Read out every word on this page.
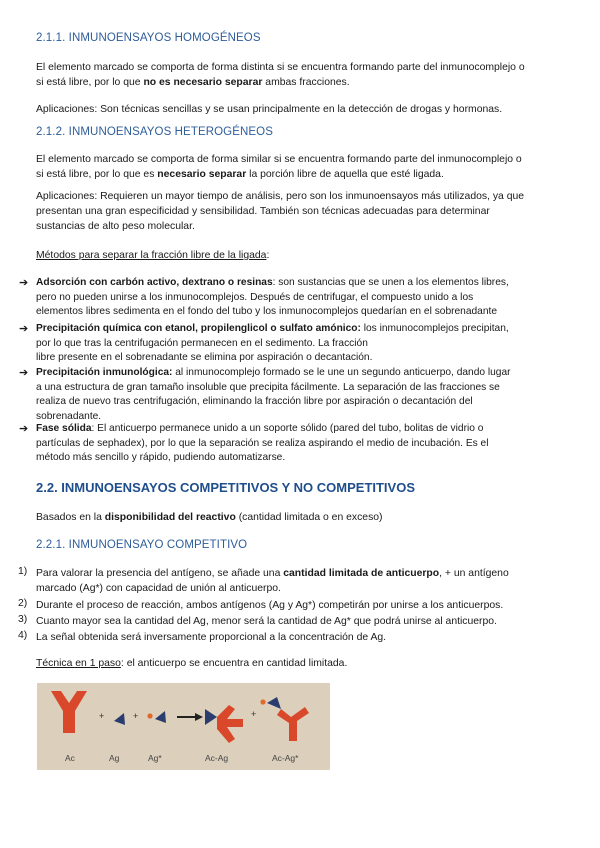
2.1.1. INMUNOENSAYOS HOMOGÉNEOS
El elemento marcado se comporta de forma distinta si se encuentra formando parte del inmunocomplejo o
si está libre, por lo que no es necesario separar ambas fracciones.
Aplicaciones: Son técnicas sencillas y se usan principalmente en la detección de drogas y hormonas.
2.1.2. INMUNOENSAYOS HETEROGÉNEOS
El elemento marcado se comporta de forma similar si se encuentra formando parte del inmunocomplejo o
si está libre, por lo que es necesario separar la porción libre de aquella que esté ligada.
Aplicaciones: Requieren un mayor tiempo de análisis, pero son los inmunoensayos más utilizados, ya que
presentan una gran especificidad y sensibilidad. También son técnicas adecuadas para determinar
sustancias de alto peso molecular.
Métodos para separar la fracción libre de la ligada:
➔ Adsorción con carbón activo, dextrano o resinas: son sustancias que se unen a los elementos libres,
pero no pueden unirse a los inmunocomplejos. Después de centrifugar, el compuesto unido a los
elementos libres sedimenta en el fondo del tubo y los inmunocomplejos quedarían en el sobrenadante
➔ Precipitación química con etanol, propilenglicol o sulfato amónico: los inmunocomplejos precipitan,
por lo que tras la centrifugación permanecen en el sedimento. La fracción
libre presente en el sobrenadante se elimina por aspiración o decantación.
➔ Precipitación inmunológica: al inmunocomplejo formado se le une un segundo anticuerpo, dando lugar
a una estructura de gran tamaño insoluble que precipita fácilmente. La separación de las fracciones se
realiza de nuevo tras centrifugación, eliminando la fracción libre por aspiración o decantación del
sobrenadante.
➔ Fase sólida: El anticuerpo permanece unido a un soporte sólido (pared del tubo, bolitas de vidrio o
partículas de sephadex), por lo que la separación se realiza aspirando el medio de incubación. Es el
método más sencillo y rápido, pudiendo automatizarse.
2.2. INMUNOENSAYOS COMPETITIVOS Y NO COMPETITIVOS
Basados en la disponibilidad del reactivo (cantidad limitada o en exceso)
2.2.1. INMUNOENSAYO COMPETITIVO
1) Para valorar la presencia del antígeno, se añade una cantidad limitada de anticuerpo, + un antígeno
marcado (Ag*) con capacidad de unión al anticuerpo.
2) Durante el proceso de reacción, ambos antígenos (Ag y Ag*) competirán por unirse a los anticuerpos.
3) Cuanto mayor sea la cantidad del Ag, menor será la cantidad de Ag* que podrá unirse al anticuerpo.
4) La señal obtenida será inversamente proporcional a la concentración de Ag.
Técnica en 1 paso: el anticuerpo se encuentra en cantidad limitada.
+	+	+
Ac	Ag	Ag*	Ac-Ag	Ac-Ag*
